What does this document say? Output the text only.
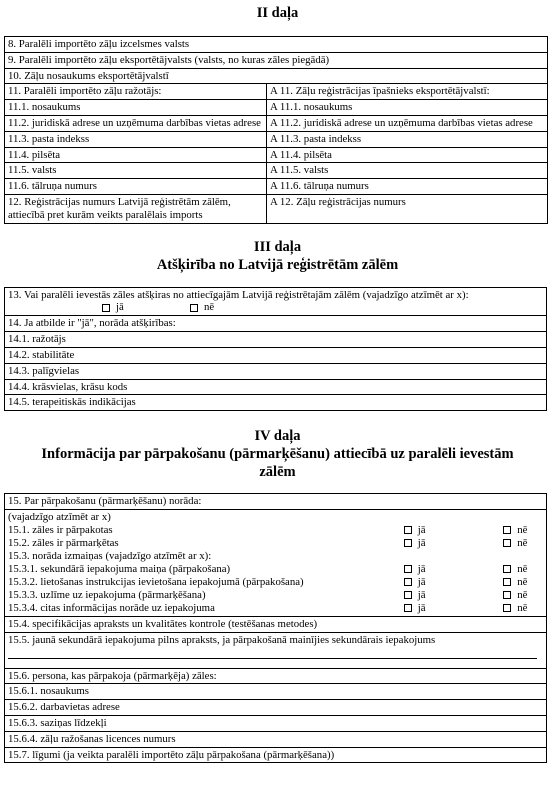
II daļa
8. Paralēli importēto zāļu izcelsmes valsts	
9. Paralēli importēto zāļu eksportētājvalsts (valsts, no kuras zāles piegādā)	
10. Zāļu nosaukums eksportētājvalstī	
11. Paralēli importēto zāļu ražotājs:	A 11. Zāļu reģistrācijas īpašnieks eksportētājvalstī:
11.1. nosaukums	A 11.1. nosaukums
11.2. juridiskā adrese un uzņēmuma darbības vietas adrese	A 11.2. juridiskā adrese un uzņēmuma darbības vietas adrese
11.3. pasta indekss	A 11.3. pasta indekss
11.4. pilsēta	A 11.4. pilsēta
11.5. valsts	A 11.5. valsts
11.6. tālruņa numurs	A 11.6. tālruņa numurs
12. Reģistrācijas numurs Latvijā reģistrētām zālēm, attiecībā pret kurām veikts paralēlais imports	A 12. Zāļu reģistrācijas numurs
III daļa
Atšķirība no Latvijā reģistrētām zālēm
13. Vai paralēli ievestās zāles atšķiras no attiecīgajām Latvijā reģistrētajām zālēm (vajadzīgo atzīmēt ar x):
jā	nē

14. Ja atbilde ir "jā", norāda atšķirības:
14.1. ražotājs
14.2. stabilitāte
14.3. palīgvielas
14.4. krāsvielas, krāsu kods
14.5. terapeitiskās indikācijas
IV daļa
Informācija par pārpakošanu (pārmarķēšanu) attiecībā uz paralēli ievestām zālēm
15. Par pārpakošanu (pārmarķēšanu) norāda:

(vajadzīgo atzīmēt ar x)
15.1. zāles ir pārpakotas	jā	nē
15.2. zāles ir pārmarķētas	jā	nē
15.3. norāda izmaiņas (vajadzīgo atzīmēt ar x):
15.3.1. sekundārā iepakojuma maiņa (pārpakošana)	jā	nē
15.3.2. lietošanas instrukcijas ievietošana iepakojumā (pārpakošana)	jā	nē
15.3.3. uzlīme uz iepakojuma (pārmarķēšana)	jā	nē
15.3.4. citas informācijas norāde uz iepakojuma	jā	nē

15.4. specifikācijas apraksts un kvalitātes kontrole (testēšanas metodes)

15.5. jaunā sekundārā iepakojuma pilns apraksts, ja pārpakošanā mainījies sekundārais iepakojums

15.6. persona, kas pārpakoja (pārmarķēja) zāles:
15.6.1. nosaukums
15.6.2. darbavietas adrese
15.6.3. saziņas līdzekļi
15.6.4. zāļu ražošanas licences numurs
15.7. līgumi (ja veikta paralēli importēto zāļu pārpakošana (pārmarķēšana))
